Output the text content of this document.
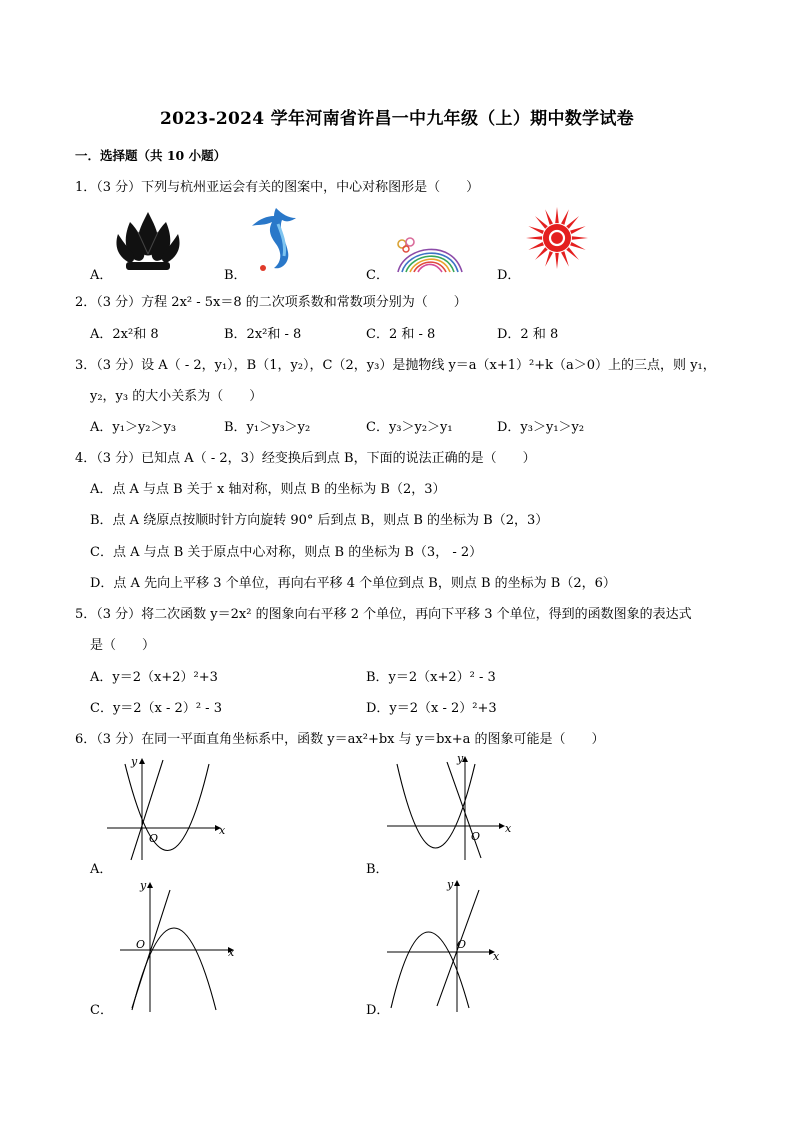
2023-2024 学年河南省许昌一中九年级（上）期中数学试卷
一．选择题（共 10 小题）
1．（3 分）下列与杭州亚运会有关的图案中，中心对称图形是（　　）
A．	B．	C．	D．
2．（3 分）方程 2x² - 5x＝8 的二次项系数和常数项分别为（　　）
A．2x²和 8	B．2x²和 - 8	C．2 和 - 8	D．2 和 8
3．（3 分）设 A（ - 2，y₁），B（1，y₂），C（2，y₃）是抛物线 y＝a（x+1）²+k（a＞0）上的三点，则 y₁，
y₂，y₃ 的大小关系为（　　）
A．y₁＞y₂＞y₃	B．y₁＞y₃＞y₂	C．y₃＞y₂＞y₁	D．y₃＞y₁＞y₂
4．（3 分）已知点 A（ - 2，3）经变换后到点 B，下面的说法正确的是（　　）
A．点 A 与点 B 关于 x 轴对称，则点 B 的坐标为 B（2，3）
B．点 A 绕原点按顺时针方向旋转 90° 后到点 B，则点 B 的坐标为 B（2，3）
C．点 A 与点 B 关于原点中心对称，则点 B 的坐标为 B（3， - 2）
D．点 A 先向上平移 3 个单位，再向右平移 4 个单位到点 B，则点 B 的坐标为 B（2，6）
5．（3 分）将二次函数 y＝2x² 的图象向右平移 2 个单位，再向下平移 3 个单位，得到的函数图象的表达式
是（　　）
A．y＝2（x+2）²+3	B．y＝2（x+2）² - 3
C．y＝2（x - 2）² - 3	D．y＝2（x - 2）²+3
6．（3 分）在同一平面直角坐标系中，函数 y＝ax²+bx 与 y＝bx+a 的图象可能是（　　）
x
y
O
A．
x
y
O
B．
x
y
O
C．
x
y
O
D．
